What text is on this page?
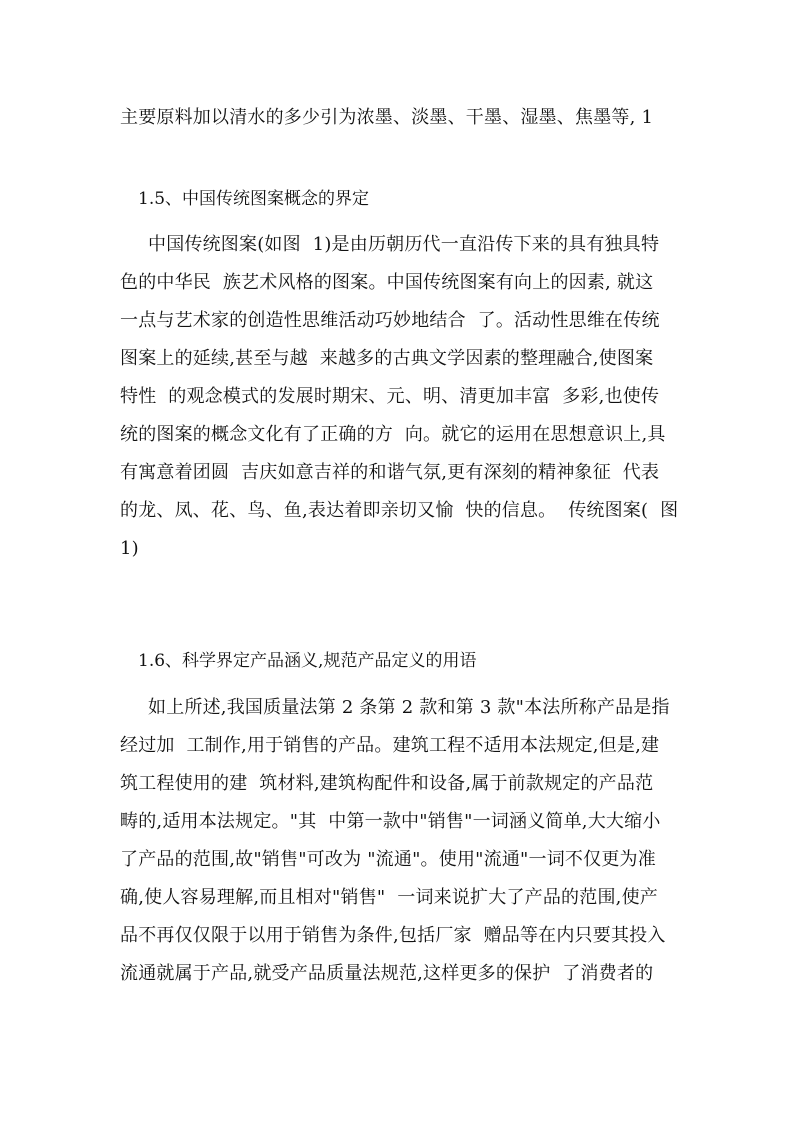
主要原料加以清水的多少引为浓墨、淡墨、干墨、湿墨、焦墨等, 1
1.5、中国传统图案概念的界定
中国传统图案(如图  1)是由历朝历代一直沿传下来的具有独具特
色的中华民  族艺术风格的图案。中国传统图案有向上的因素, 就这
一点与艺术家的创造性思维活动巧妙地结合  了。活动性思维在传统
图案上的延续,甚至与越  来越多的古典文学因素的整理融合,使图案
特性  的观念模式的发展时期宋、元、明、清更加丰富  多彩,也使传
统的图案的概念文化有了正确的方  向。就它的运用在思想意识上,具
有寓意着团圆  吉庆如意吉祥的和谐气氛,更有深刻的精神象征  代表
的龙、凤、花、鸟、鱼,表达着即亲切又愉  快的信息。  传统图案(  图
1)
1.6、科学界定产品涵义,规范产品定义的用语
如上所述,我国质量法第 2 条第 2 款和第 3 款"本法所称产品是指
经过加  工制作,用于销售的产品。建筑工程不适用本法规定,但是,建
筑工程使用的建  筑材料,建筑构配件和设备,属于前款规定的产品范
畴的,适用本法规定。"其  中第一款中"销售"一词涵义简单,大大缩小
了产品的范围,故"销售"可改为 "流通"。使用"流通"一词不仅更为准
确,使人容易理解,而且相对"销售"  一词来说扩大了产品的范围,使产
品不再仅仅限于以用于销售为条件,包括厂家  赠品等在内只要其投入
流通就属于产品,就受产品质量法规范,这样更多的保护  了消费者的
